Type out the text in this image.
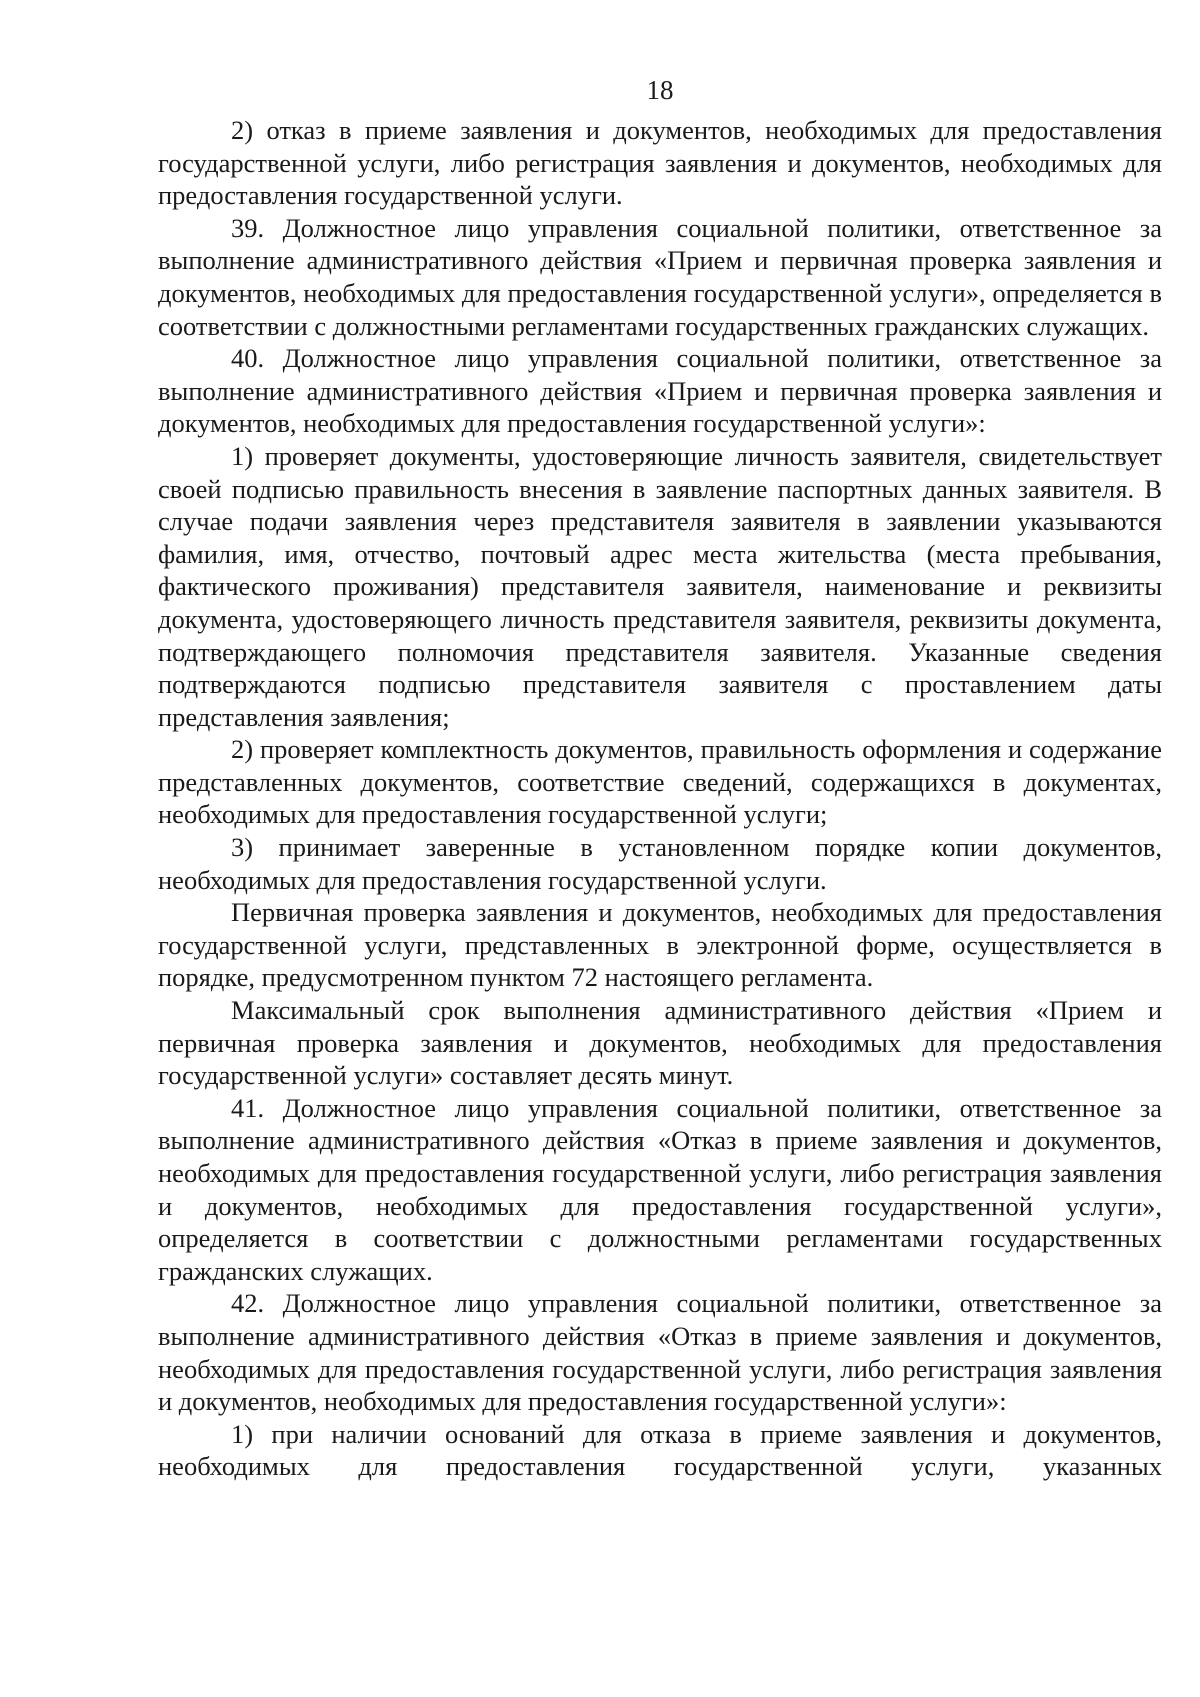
18

2) отказ в приеме заявления и документов, необходимых для предоставления государственной услуги, либо регистрация заявления и документов, необходимых для предоставления государственной услуги.

39. Должностное лицо управления социальной политики, ответственное за выполнение административного действия «Прием и первичная проверка заявления и документов, необходимых для предоставления государственной услуги», определяется в соответствии с должностными регламентами государственных гражданских служащих.

40. Должностное лицо управления социальной политики, ответственное за выполнение административного действия «Прием и первичная проверка заявления и документов, необходимых для предоставления государственной услуги»:

1) проверяет документы, удостоверяющие личность заявителя, свидетельствует своей подписью правильность внесения в заявление паспортных данных заявителя. В случае подачи заявления через представителя заявителя в заявлении указываются фамилия, имя, отчество, почтовый адрес места жительства (места пребывания, фактического проживания) представителя заявителя, наименование и реквизиты документа, удостоверяющего личность представителя заявителя, реквизиты документа, подтверждающего полномочия представителя заявителя. Указанные сведения подтверждаются подписью представителя заявителя с проставлением даты представления заявления;

2) проверяет комплектность документов, правильность оформления и содержание представленных документов, соответствие сведений, содержащихся в документах, необходимых для предоставления государственной услуги;

3) принимает заверенные в установленном порядке копии документов, необходимых для предоставления государственной услуги.

Первичная проверка заявления и документов, необходимых для предоставления государственной услуги, представленных в электронной форме, осуществляется в порядке, предусмотренном пунктом 72 настоящего регламента.

Максимальный срок выполнения административного действия «Прием и первичная проверка заявления и документов, необходимых для предоставления государственной услуги» составляет десять минут.

41. Должностное лицо управления социальной политики, ответственное за выполнение административного действия «Отказ в приеме заявления и документов, необходимых для предоставления государственной услуги, либо регистрация заявления и документов, необходимых для предоставления государственной услуги», определяется в соответствии с должностными регламентами государственных гражданских служащих.

42. Должностное лицо управления социальной политики, ответственное за выполнение административного действия «Отказ в приеме заявления и документов, необходимых для предоставления государственной услуги, либо регистрация заявления и документов, необходимых для предоставления государственной услуги»:

1) при наличии оснований для отказа в приеме заявления и документов, необходимых для предоставления государственной услуги, указанных
